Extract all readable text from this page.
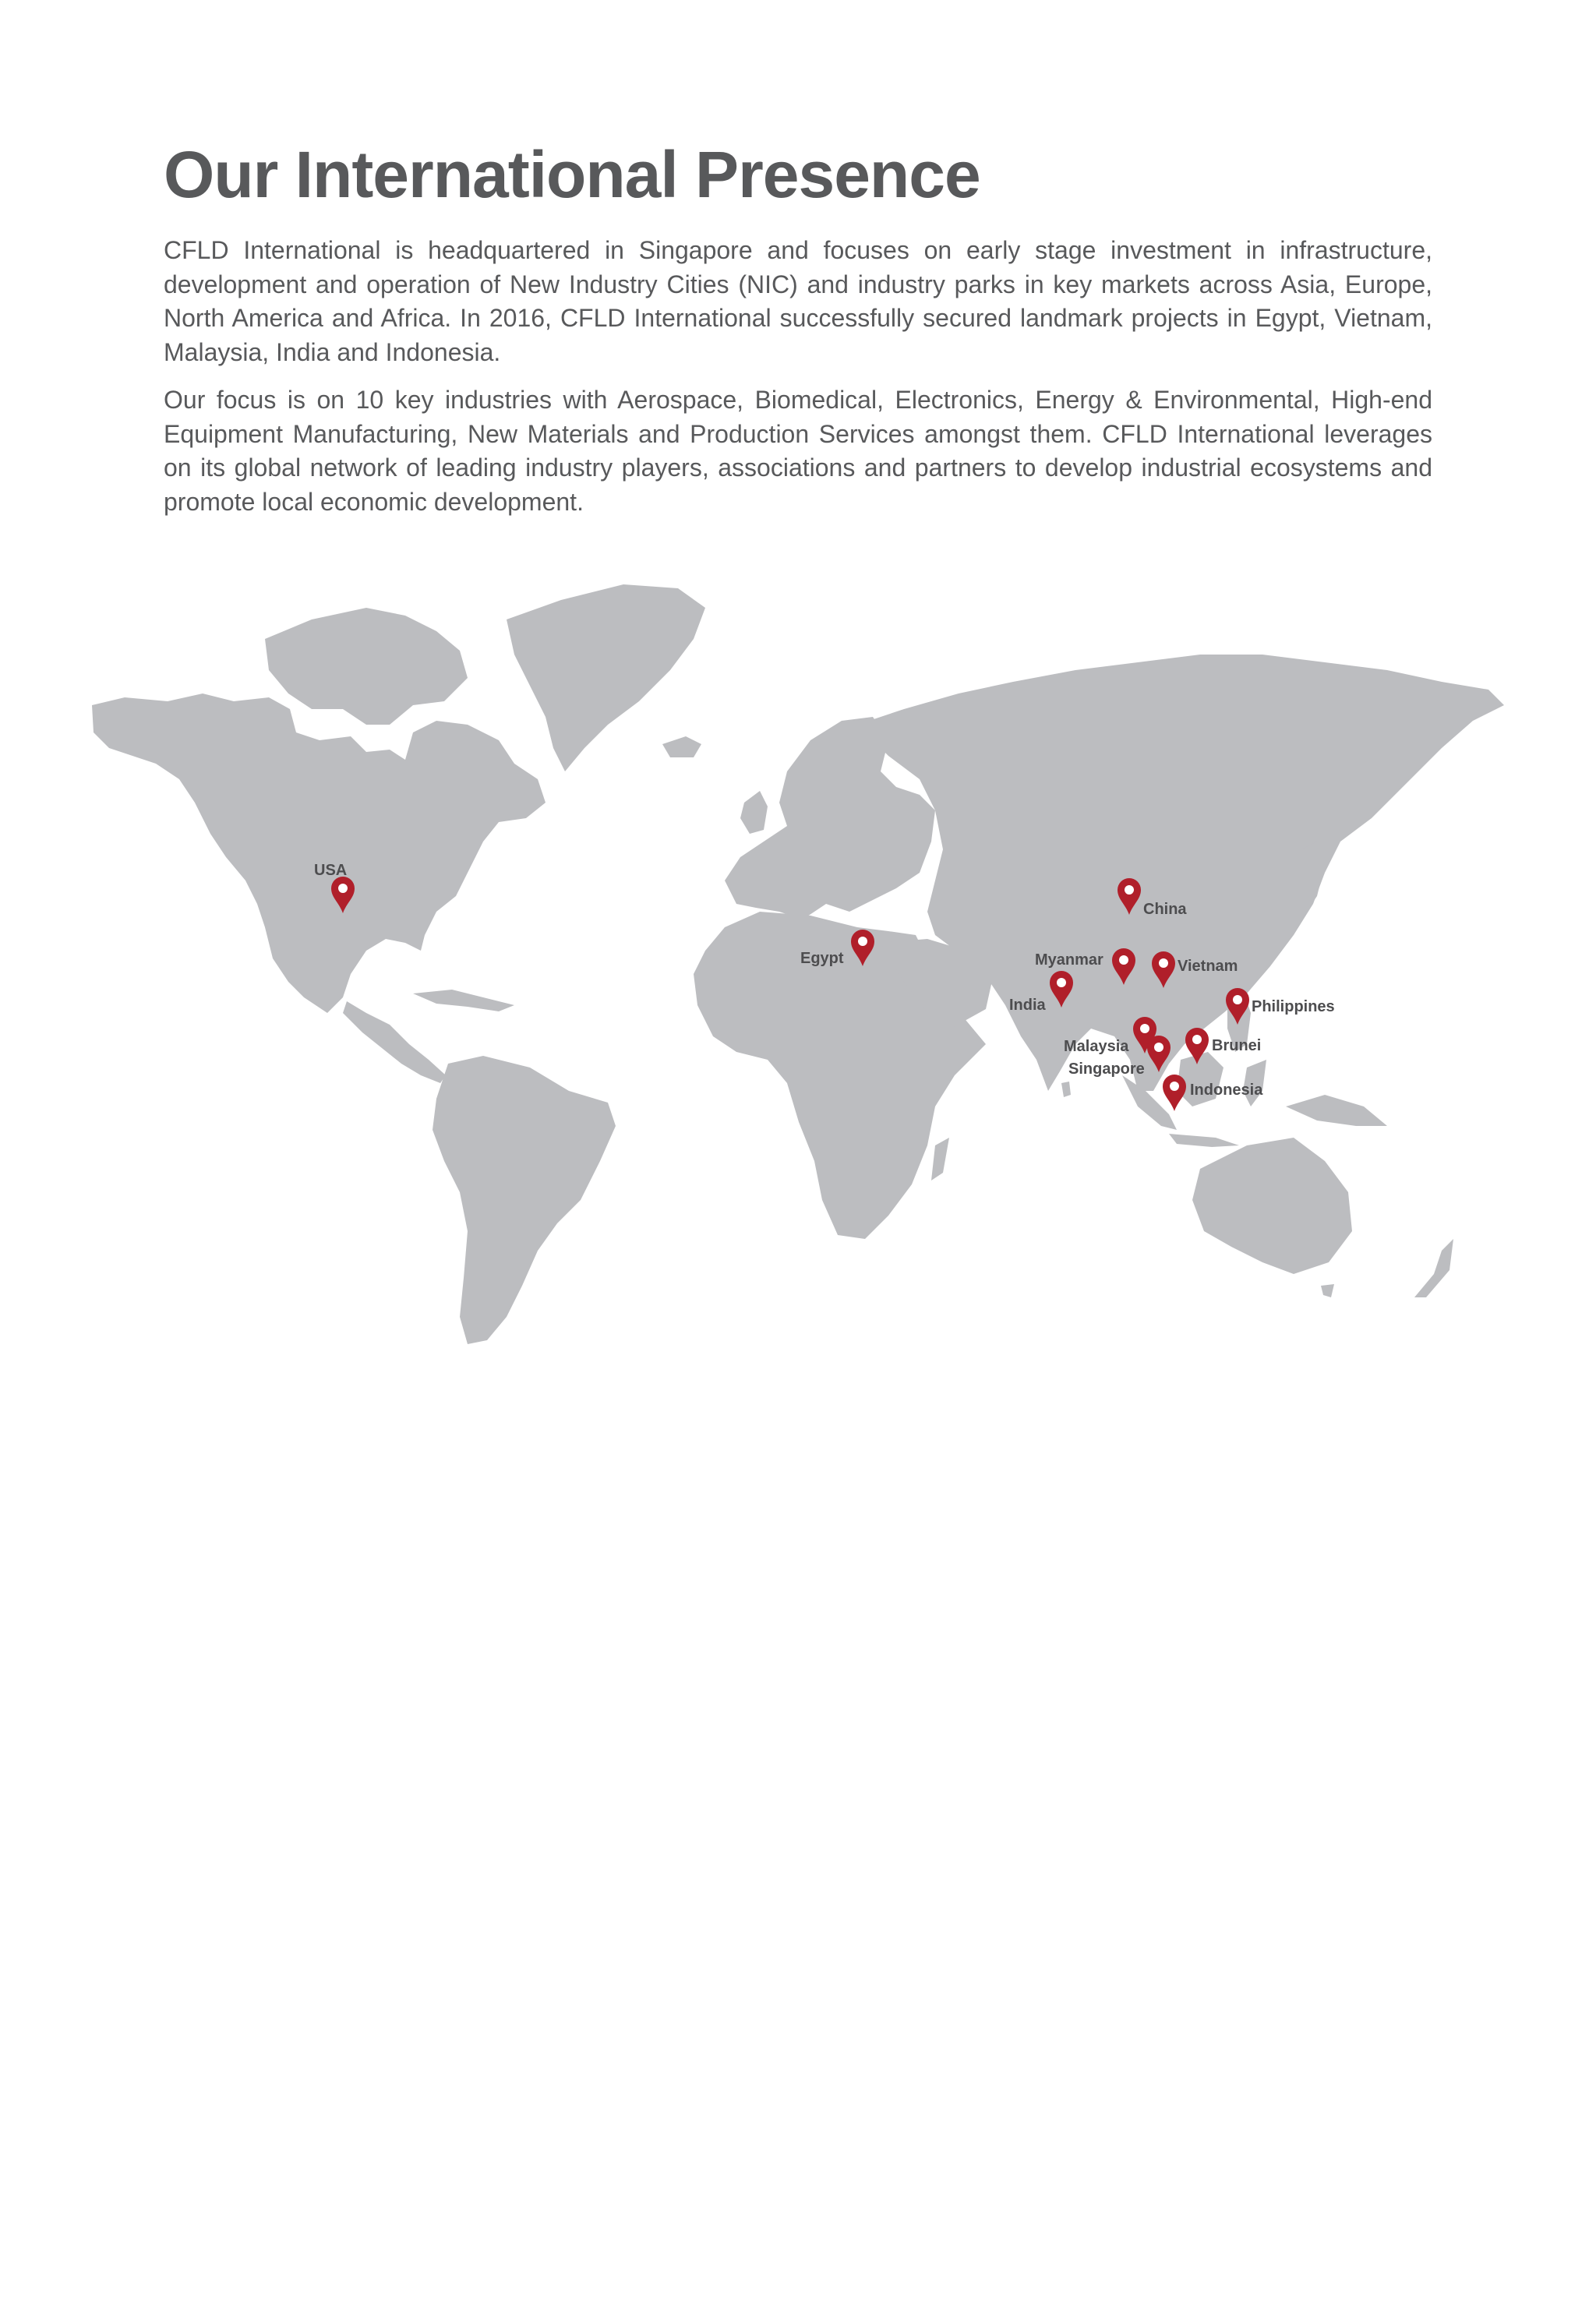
Our International Presence

CFLD International is headquartered in Singapore and focuses on early stage investment in infrastructure, development and operation of New Industry Cities (NIC) and industry parks in key markets across Asia, Europe, North America and Africa. In 2016, CFLD International successfully secured landmark projects in Egypt, Vietnam, Malaysia, India and Indonesia.

Our focus is on 10 key industries with Aerospace, Biomedical, Electronics, Energy & Environmental, High-end Equipment Manufacturing, New Materials and Production Services amongst them. CFLD International leverages on its global network of leading industry players, associations and partners to develop industrial ecosystems and promote local economic development.

USA
Egypt
China
Myanmar	Vietnam
India	Philippines
Malaysia	Brunei
Singapore
Indonesia
